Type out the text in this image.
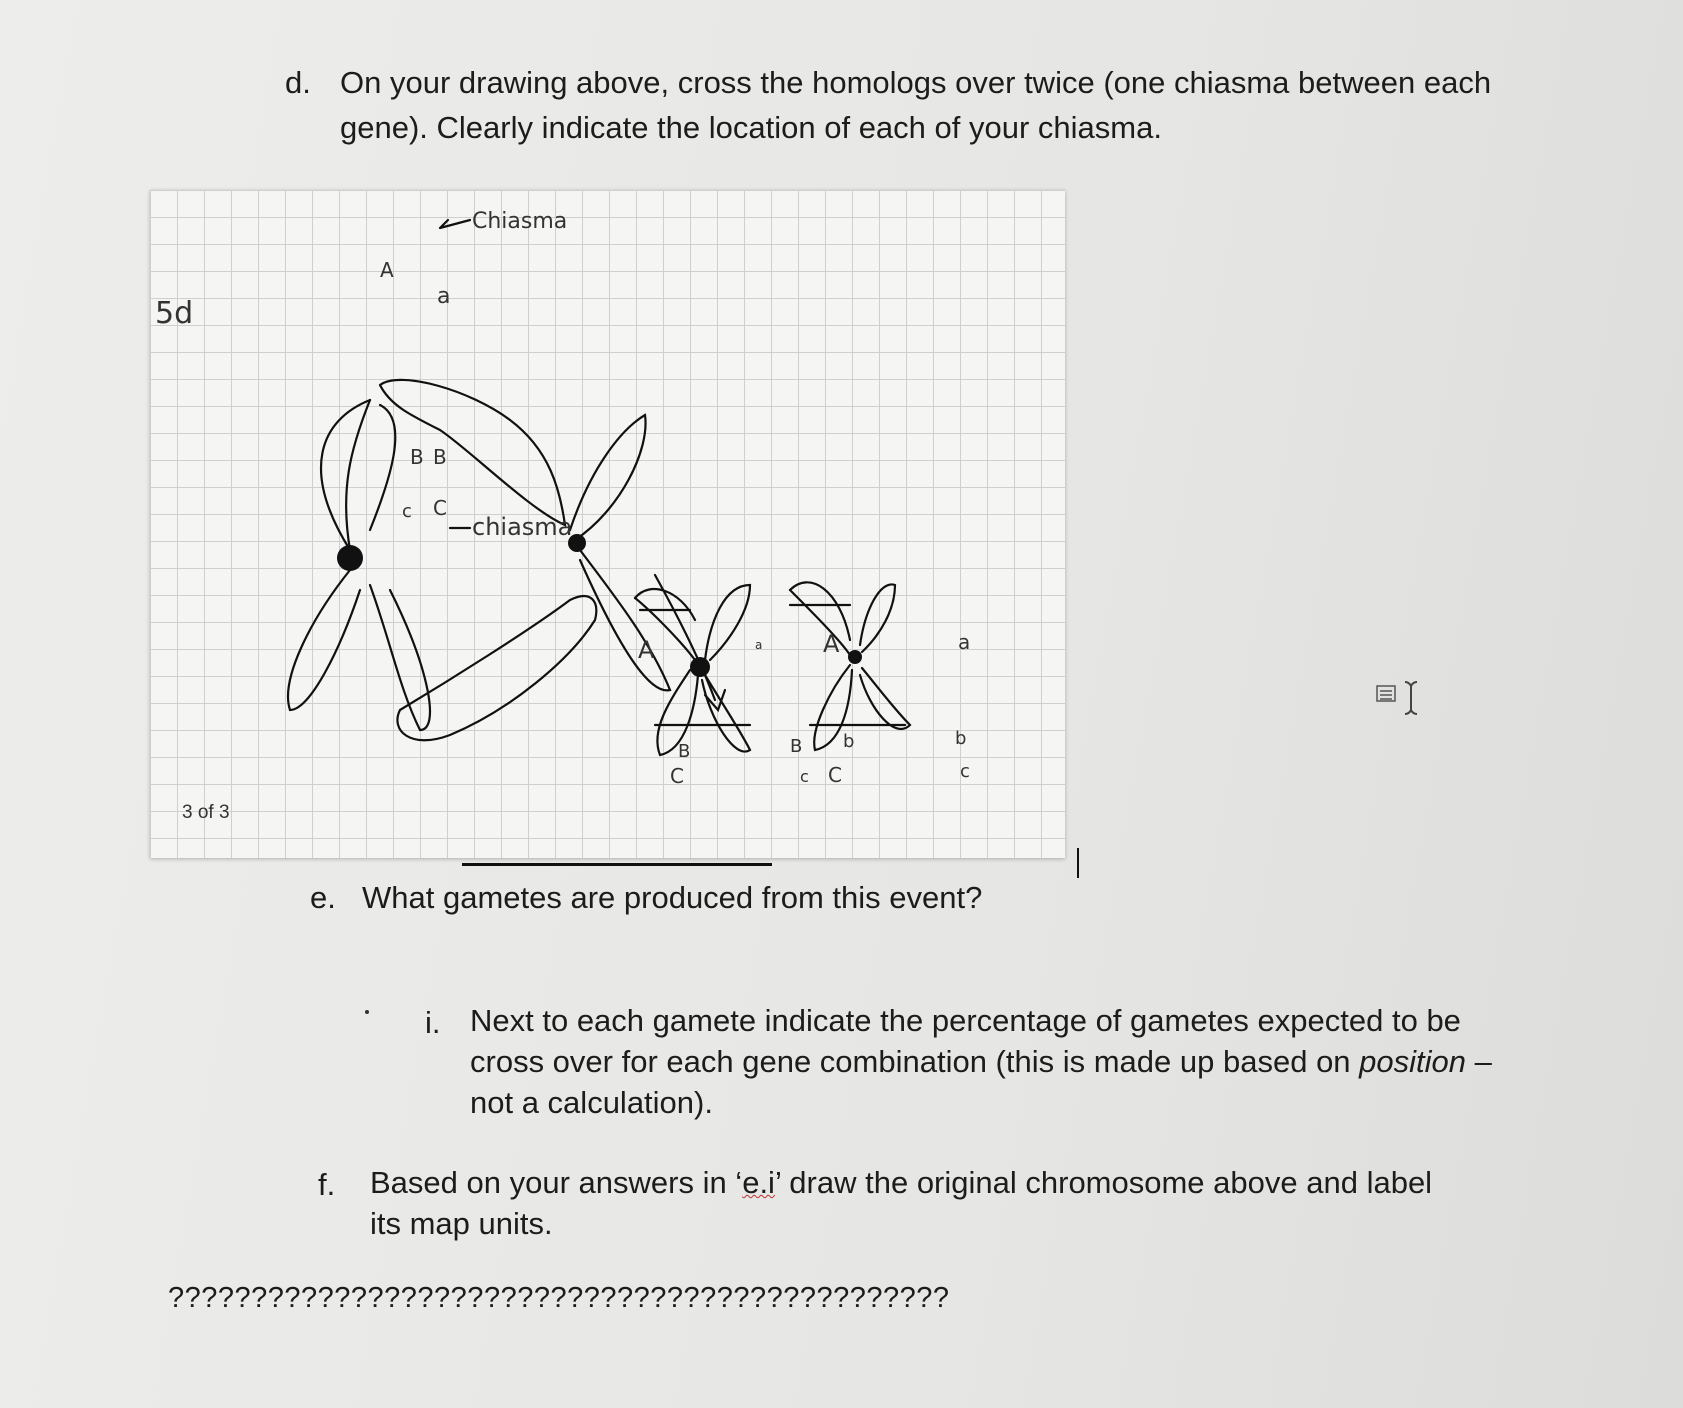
d. On your drawing above, cross the homologs over twice (one chiasma between each gene). Clearly indicate the location of each of your chiasma.
5d
Chiasma
chiasma
A
a
B B
c C
A	a	A	a
B
C
B
c
b
C
b
c
3 of 3
e. What gametes are produced from this event?
i. Next to each gamete indicate the percentage of gametes expected to be cross over for each gene combination (this is made up based on position – not a calculation).
f. Based on your answers in ‘e.i’ draw the original chromosome above and label its map units.
???????????????????????????????????????????????
